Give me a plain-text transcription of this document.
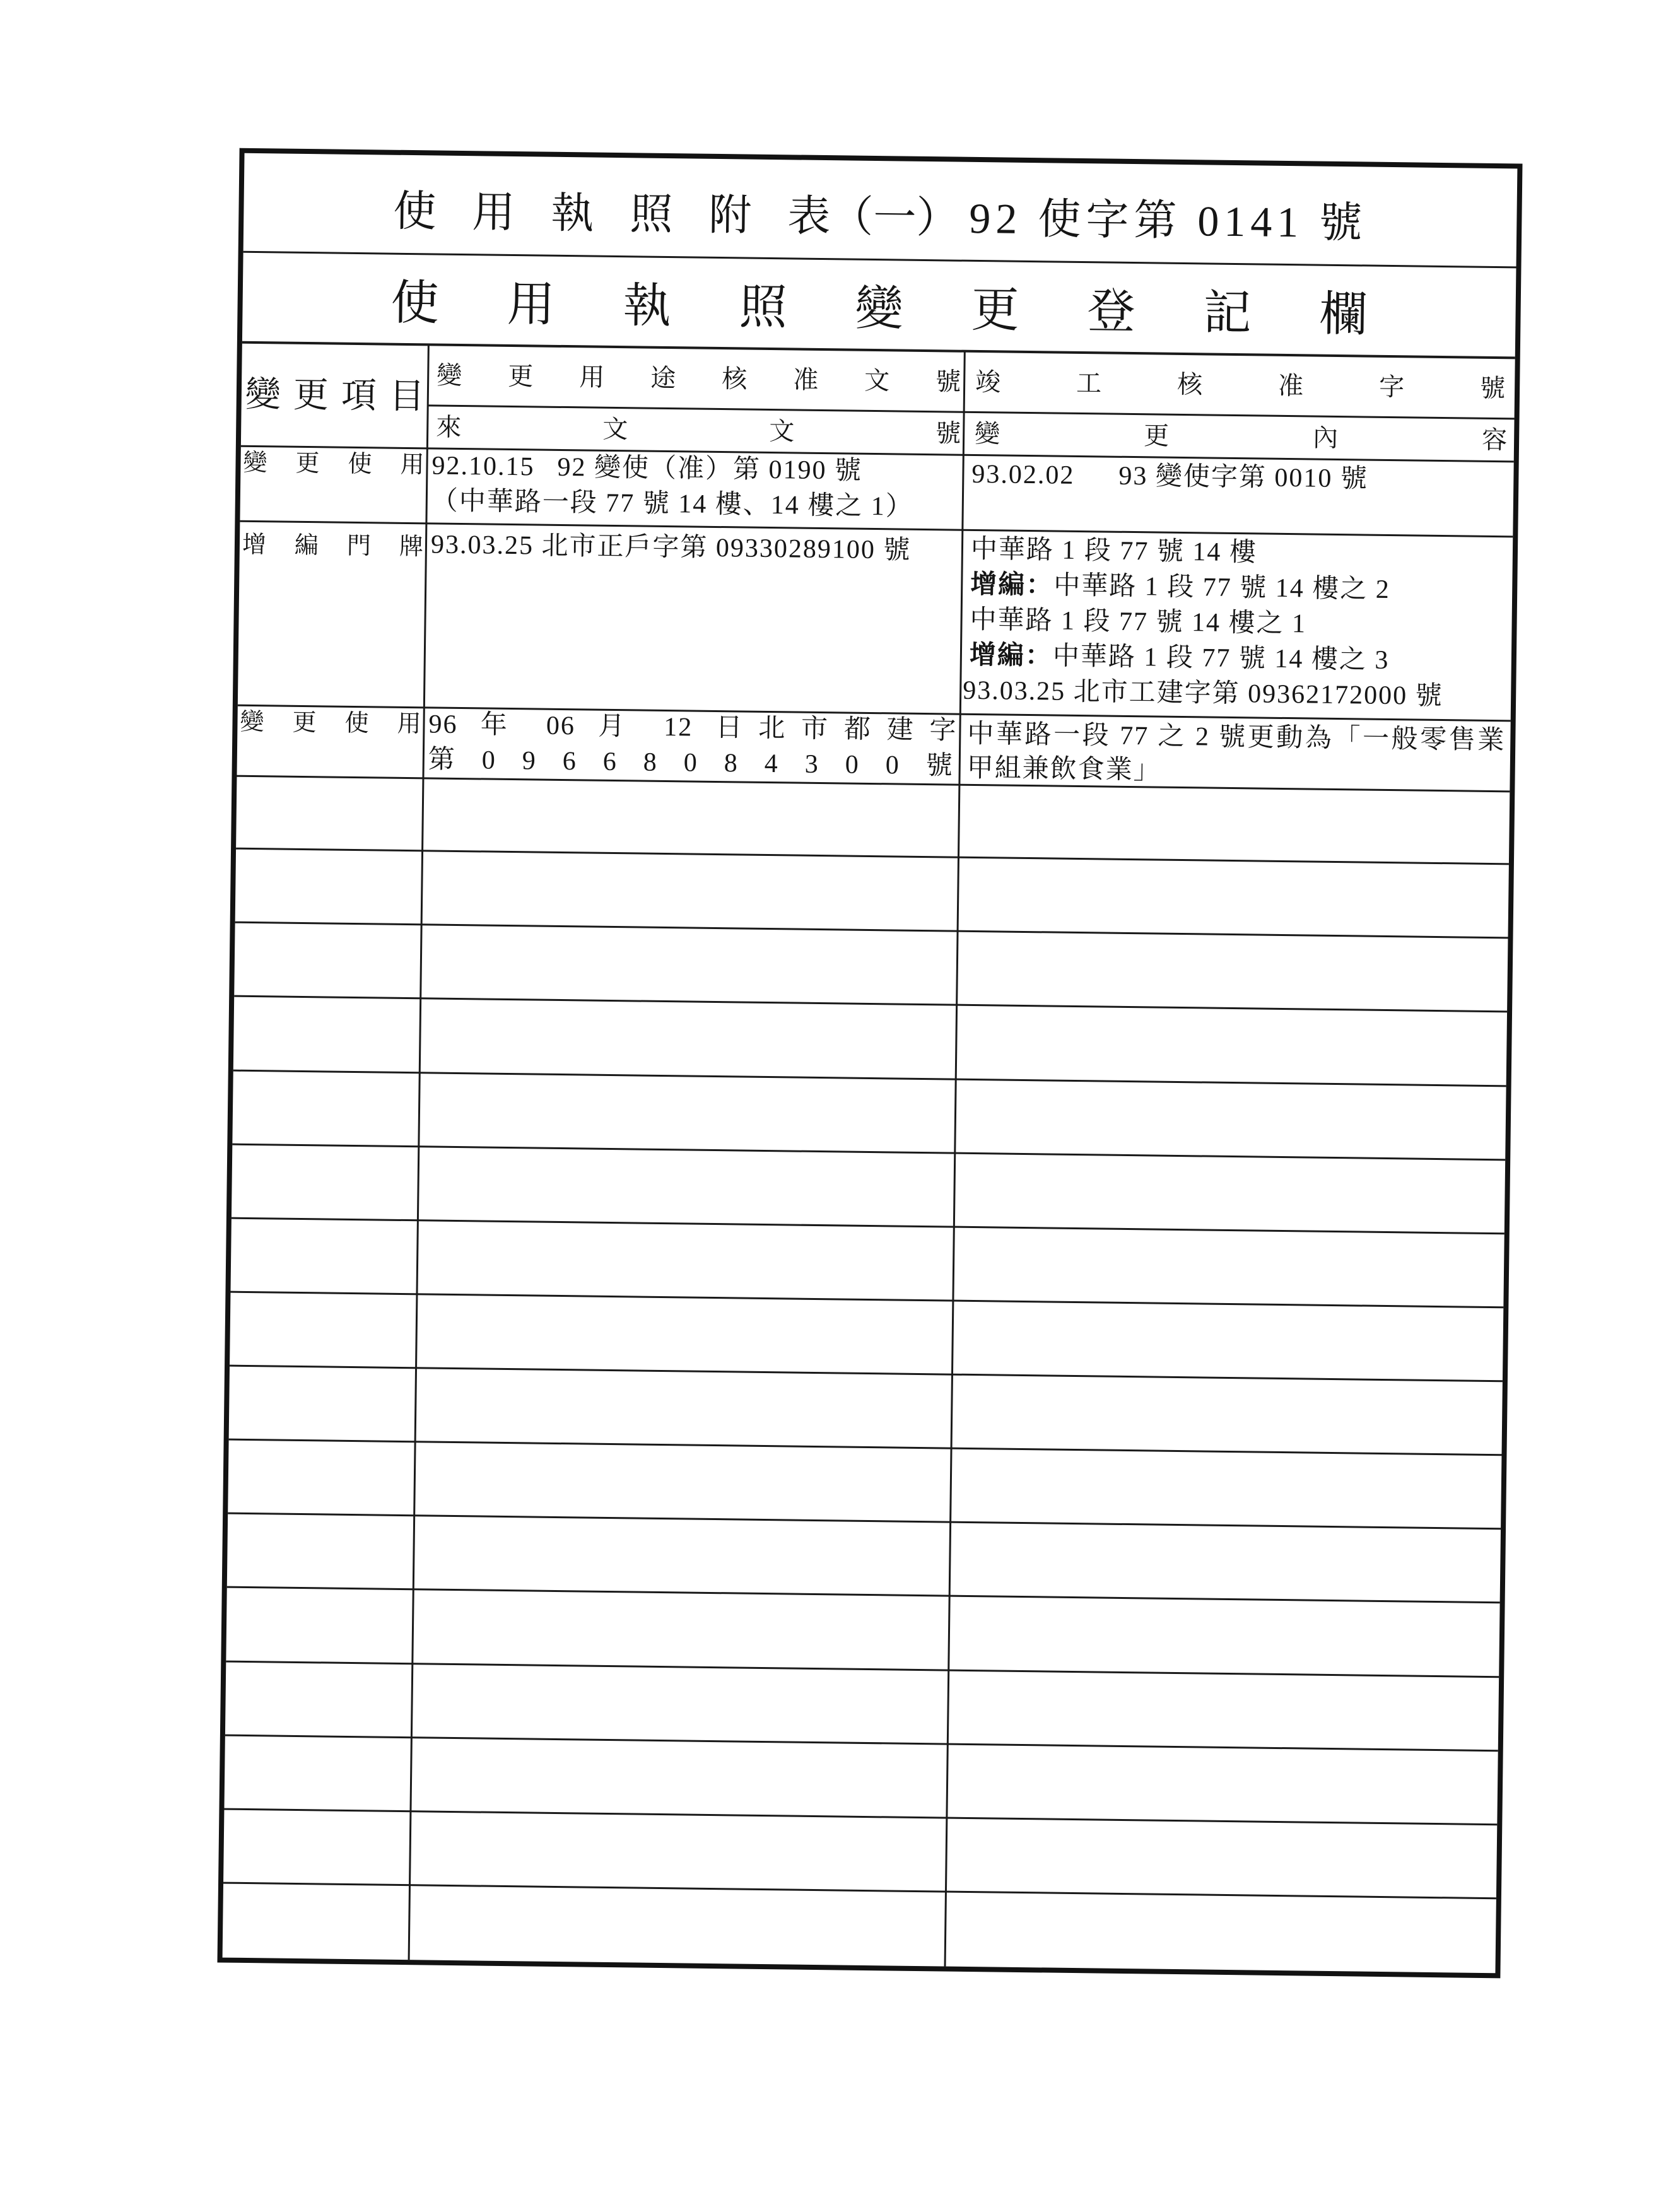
使用執照附表
（一） 92 使字第 0141 號
使用執照變更登記欄
變更項目
變更用途核准文號
竣工核准字號
來文文號
變更內容
變更使用
92.10.15 92 變使（准）第 0190 號
（中華路一段 77 號 14 樓、14 樓之 1）
93.02.02 93 變使字第 0010 號
增編門牌
93.03.25 北市正戶字第 09330289100 號	中華路 1 段 77 號 14 樓
增編：中華路 1 段 77 號 14 樓之 2
中華路 1 段 77 號 14 樓之 1
增編：中華路 1 段 77 號 14 樓之 3
93.03.25 北市工建字第 09362172000 號
變更使用
96 年 06 月 12 日北市都建字
第09668084300號
中華路一段 77 之 2 號更動為「一般零售業
甲組兼飲食業」
